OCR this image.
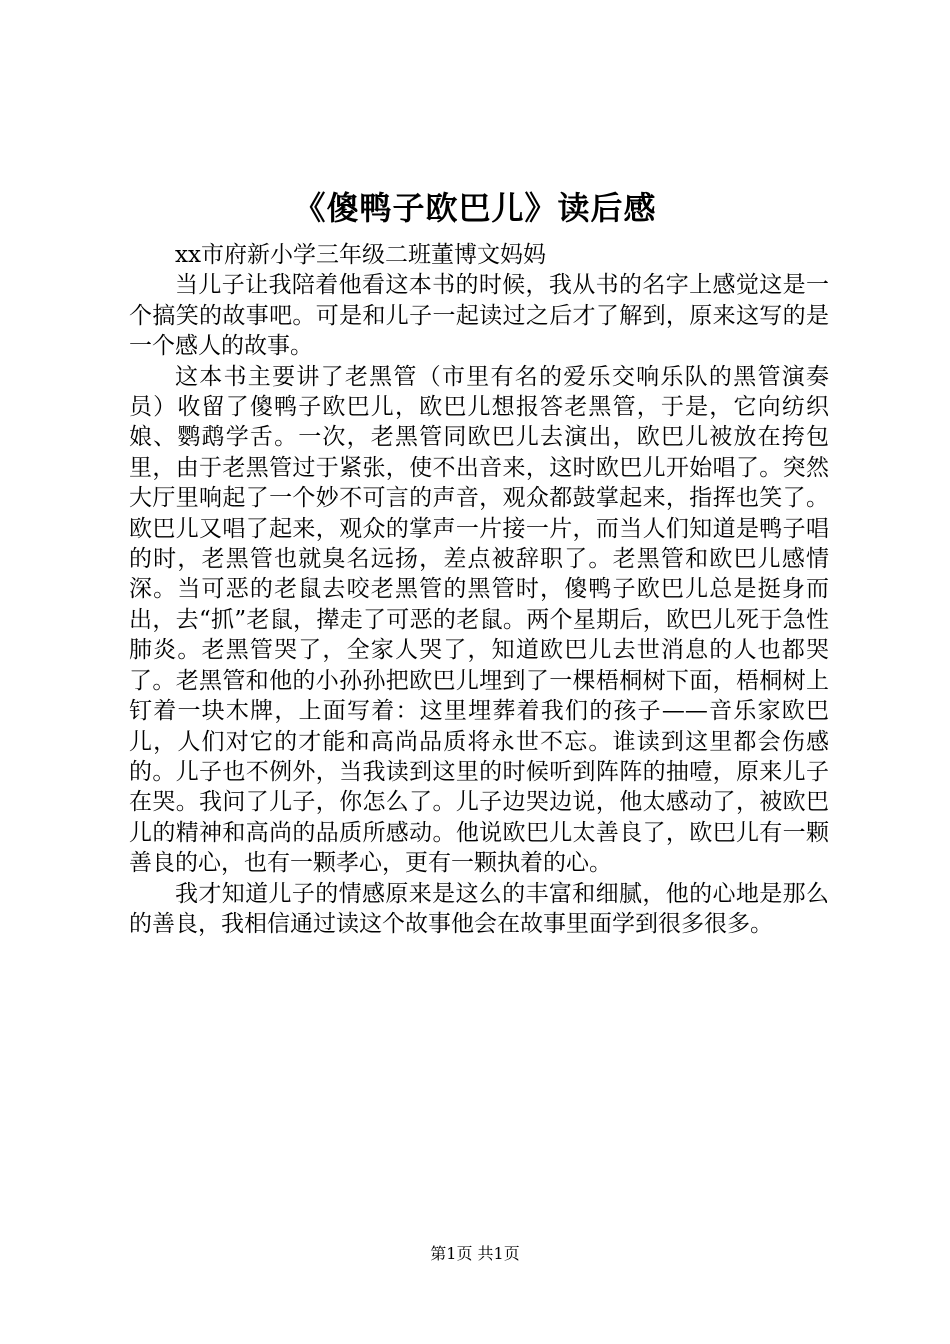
《傻鸭子欧巴儿》读后感

xx市府新小学三年级二班董博文妈妈

当儿子让我陪着他看这本书的时候，我从书的名字上感觉这是一个搞笑的故事吧。可是和儿子一起读过之后才了解到，原来这写的是一个感人的故事。

这本书主要讲了老黑管（市里有名的爱乐交响乐队的黑管演奏员）收留了傻鸭子欧巴儿，欧巴儿想报答老黑管，于是，它向纺织娘、鹦鹉学舌。一次，老黑管同欧巴儿去演出，欧巴儿被放在挎包里，由于老黑管过于紧张，使不出音来，这时欧巴儿开始唱了。突然大厅里响起了一个妙不可言的声音，观众都鼓掌起来，指挥也笑了。欧巴儿又唱了起来，观众的掌声一片接一片，而当人们知道是鸭子唱的时，老黑管也就臭名远扬，差点被辞职了。老黑管和欧巴儿感情深。当可恶的老鼠去咬老黑管的黑管时，傻鸭子欧巴儿总是挺身而出，去“抓”老鼠，撵走了可恶的老鼠。两个星期后，欧巴儿死于急性肺炎。老黑管哭了，全家人哭了，知道欧巴儿去世消息的人也都哭了。老黑管和他的小孙孙把欧巴儿埋到了一棵梧桐树下面，梧桐树上钉着一块木牌，上面写着：这里埋葬着我们的孩子——音乐家欧巴儿，人们对它的才能和高尚品质将永世不忘。谁读到这里都会伤感的。儿子也不例外，当我读到这里的时候听到阵阵的抽噎，原来儿子在哭。我问了儿子，你怎么了。儿子边哭边说，他太感动了，被欧巴儿的精神和高尚的品质所感动。他说欧巴儿太善良了，欧巴儿有一颗善良的心，也有一颗孝心，更有一颗执着的心。

我才知道儿子的情感原来是这么的丰富和细腻，他的心地是那么的善良，我相信通过读这个故事他会在故事里面学到很多很多。

第1页 共1页
